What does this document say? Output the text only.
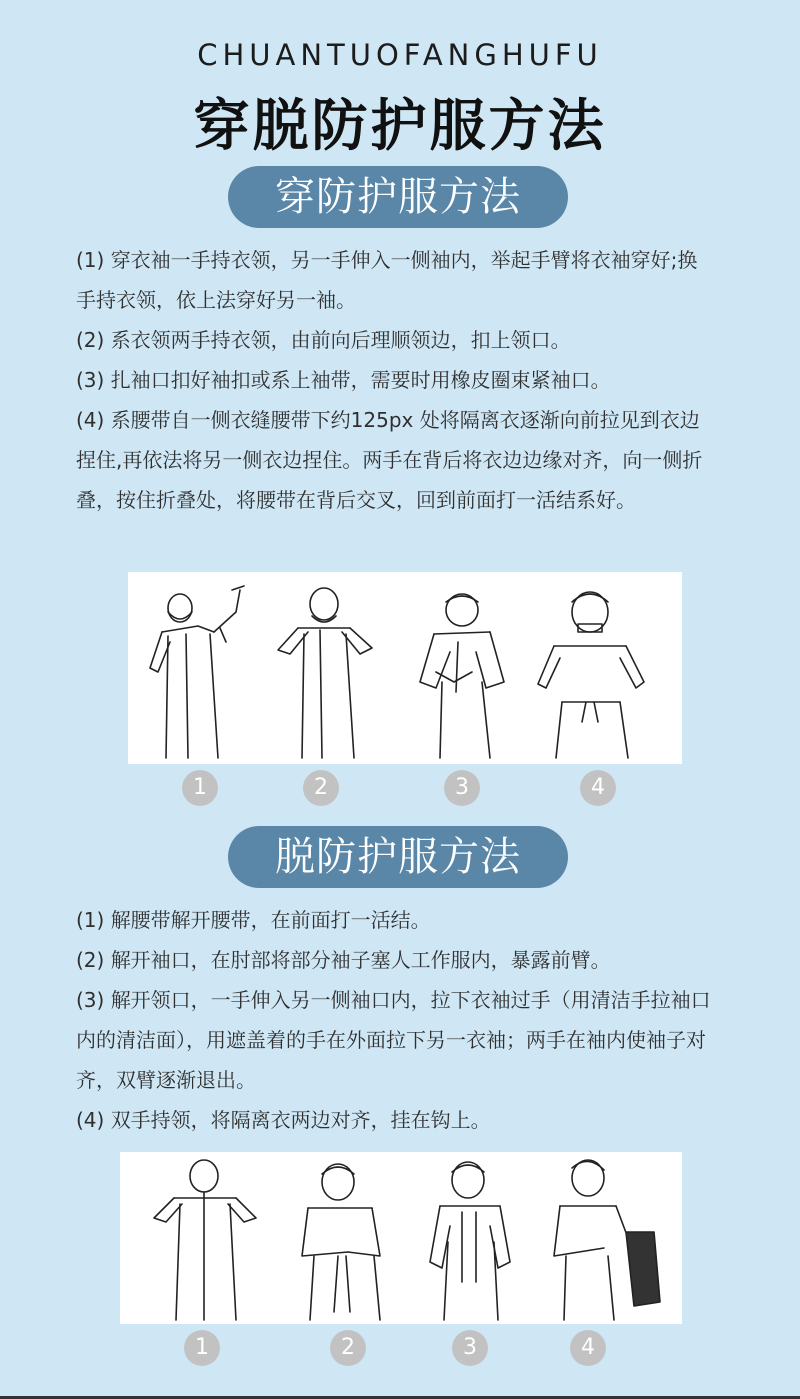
CHUANTUOFANGHUFU
穿脱防护服方法
穿防护服方法
(1) 穿衣袖一手持衣领，另一手伸入一侧袖内，举起手臂将衣袖穿好;换手持衣领，依上法穿好另一袖。
(2) 系衣领两手持衣领，由前向后理顺领边，扣上领口。
(3) 扎袖口扣好袖扣或系上袖带，需要时用橡皮圈束紧袖口。
(4) 系腰带自一侧衣缝腰带下约125px 处将隔离衣逐渐向前拉见到衣边捏住,再依法将另一侧衣边捏住。两手在背后将衣边边缘对齐，向一侧折叠，按住折叠处，将腰带在背后交叉，回到前面打一活结系好。
1	2	3	4
脱防护服方法
(1) 解腰带解开腰带，在前面打一活结。
(2) 解开袖口，在肘部将部分袖子塞人工作服内，暴露前臂。
(3) 解开领口，一手伸入另一侧袖口内，拉下衣袖过手（用清洁手拉袖口内的清洁面），用遮盖着的手在外面拉下另一衣袖；两手在袖内使袖子对齐，双臂逐渐退出。
(4) 双手持领，将隔离衣两边对齐，挂在钩上。
1	2	3	4
